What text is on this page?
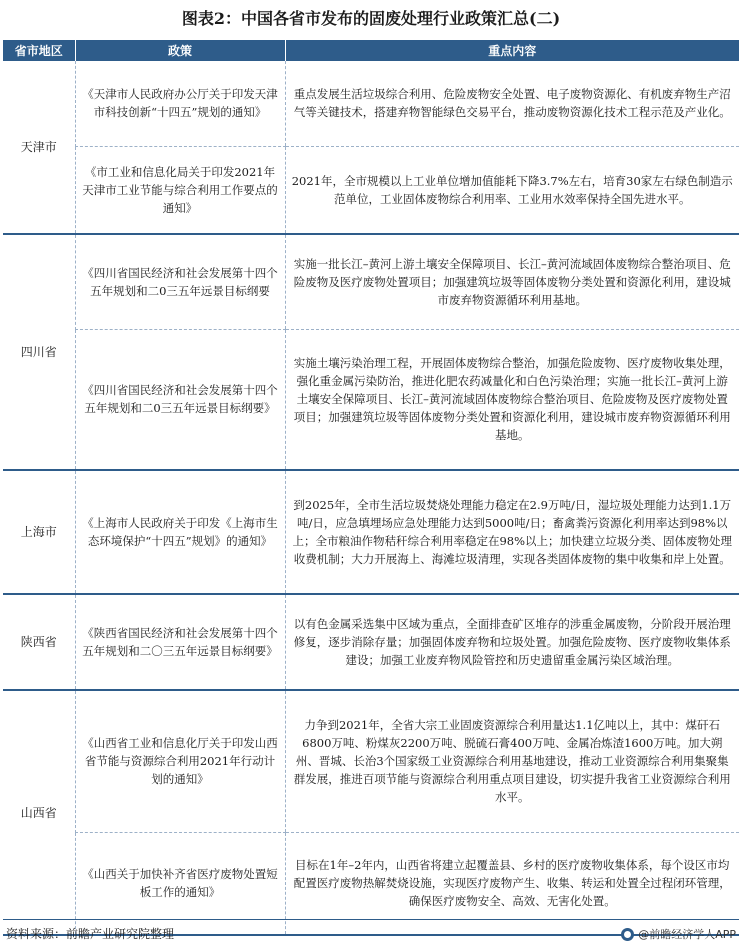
图表2：中国各省市发布的固废处理行业政策汇总(二)
省市地区	政策	重点内容
天津市	《天津市人民政府办公厅关于印发天津市科技创新“十四五”规划的通知》	重点发展生活垃圾综合利用、危险废物安全处置、电子废物资源化、有机废弃物生产沼气等关键技术，搭建弃物智能绿色交易平台，推动废物资源化技术工程示范及产业化。
	《市工业和信息化局关于印发2021年天津市工业节能与综合利用工作要点的通知》	2021年，全市规模以上工业单位增加值能耗下降3.7%左右，培育30家左右绿色制造示范单位，工业固体废物综合利用率、工业用水效率保持全国先进水平。
四川省	《四川省国民经济和社会发展第十四个五年规划和二0三五年远景目标纲要	实施一批长江–黄河上游土壤安全保障项目、长江–黄河流域固体废物综合整治项目、危险废物及医疗废物处置项目；加强建筑垃圾等固体废物分类处置和资源化利用，建设城市废弃物资源循环利用基地。
	《四川省国民经济和社会发展第十四个五年规划和二0三五年远景目标纲要》	实施土壤污染治理工程，开展固体废物综合整治，加强危险废物、医疗废物收集处理，强化重金属污染防治，推进化肥农药减量化和白色污染治理；实施一批长江–黄河上游土壤安全保障项目、长江–黄河流域固体废物综合整治项目、危险废物及医疗废物处置项目；加强建筑垃圾等固体废物分类处置和资源化利用，建设城市废弃物资源循环利用基地。
上海市	《上海市人民政府关于印发《上海市生态环境保护“十四五”规划》的通知》	到2025年，全市生活垃圾焚烧处理能力稳定在2.9万吨/日，湿垃圾处理能力达到1.1万吨/日，应急填埋场应急处理能力达到5000吨/日；畜禽粪污资源化利用率达到98%以上；全市粮油作物秸秆综合利用率稳定在98%以上；加快建立垃圾分类、固体废物处理收费机制；大力开展海上、海滩垃圾清理，实现各类固体废物的集中收集和岸上处置。
陕西省	《陕西省国民经济和社会发展第十四个五年规划和二〇三五年远景目标纲要》	以有色金属采选集中区域为重点，全面排查矿区堆存的涉重金属废物，分阶段开展治理修复，逐步消除存量；加强固体废弃物和垃圾处置。加强危险废物、医疗废物收集体系建设；加强工业废弃物风险管控和历史遗留重金属污染区域治理。
山西省	《山西省工业和信息化厅关于印发山西省节能与资源综合利用2021年行动计划的通知》	力争到2021年，全省大宗工业固废资源综合利用量达1.1亿吨以上，其中：煤矸石6800万吨、粉煤灰2200万吨、脱硫石膏400万吨、金属冶炼渣1600万吨。加大朔州、晋城、长治3个国家级工业资源综合利用基地建设，推动工业资源综合利用集聚集群发展，推进百项节能与资源综合利用重点项目建设，切实提升我省工业资源综合利用水平。
	《山西关于加快补齐省医疗废物处置短板工作的通知》	目标在1年–2年内，山西省将建立起覆盖县、乡村的医疗废物收集体系，每个设区市均配置医疗废物热解焚烧设施，实现医疗废物产生、收集、转运和处置全过程闭环管理，确保医疗废物安全、高效、无害化处置。
资料来源：前瞻产业研究院整理	@前瞻经济学人APP
